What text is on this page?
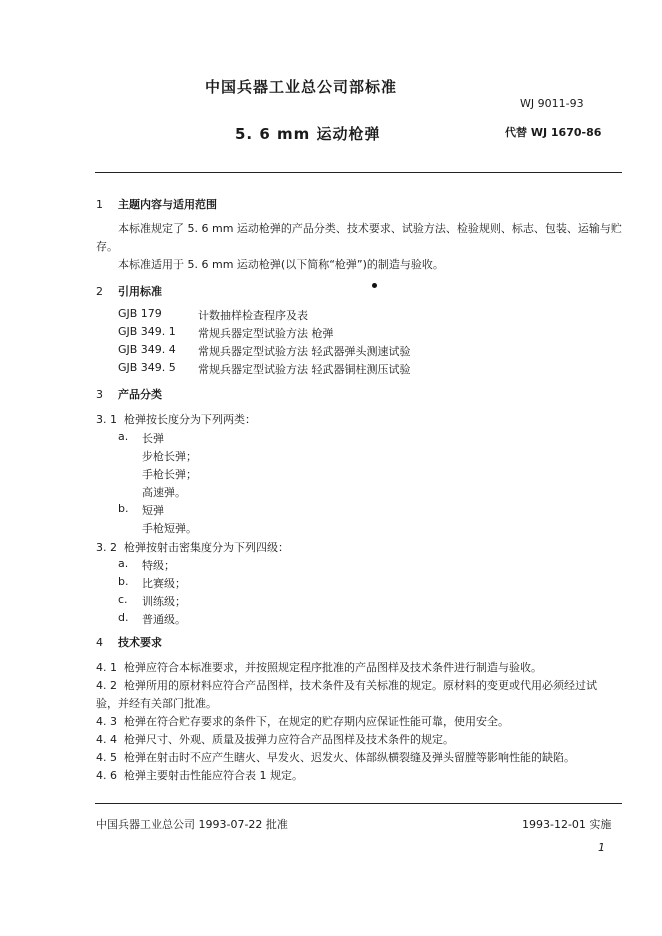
中国兵器工业总公司部标准
WJ 9011-93
5. 6 mm 运动枪弹	代替 WJ 1670-86
1 主题内容与适用范围
本标准规定了 5. 6 mm 运动枪弹的产品分类、技术要求、试验方法、检验规则、标志、包装、运输与贮
存。
本标准适用于 5. 6 mm 运动枪弹(以下简称“枪弹”)的制造与验收。
2 引用标准
GJB 179	计数抽样检查程序及表
GJB 349. 1 常规兵器定型试验方法 枪弹
GJB 349. 4 常规兵器定型试验方法 轻武器弹头测速试验
GJB 349. 5 常规兵器定型试验方法 轻武器铜柱测压试验
3 产品分类
3. 1 枪弹按长度分为下列两类：
a. 长弹
步枪长弹；
手枪长弹；
高速弹。
b. 短弹
手枪短弹。
3. 2 枪弹按射击密集度分为下列四级：
a. 特级；
b. 比赛级；
c. 训练级；
d. 普通级。
4 技术要求
4. 1 枪弹应符合本标准要求，并按照规定程序批准的产品图样及技术条件进行制造与验收。
4. 2 枪弹所用的原材料应符合产品图样，技术条件及有关标准的规定。原材料的变更或代用必须经过试
验，并经有关部门批准。
4. 3 枪弹在符合贮存要求的条件下，在规定的贮存期内应保证性能可靠，使用安全。
4. 4 枪弹尺寸、外观、质量及拔弹力应符合产品图样及技术条件的规定。
4. 5 枪弹在射击时不应产生瞎火、早发火、迟发火、体部纵横裂缝及弹头留膛等影响性能的缺陷。
4. 6 枪弹主要射击性能应符合表 1 规定。
中国兵器工业总公司 1993-07-22 批准	1993-12-01 实施
1
